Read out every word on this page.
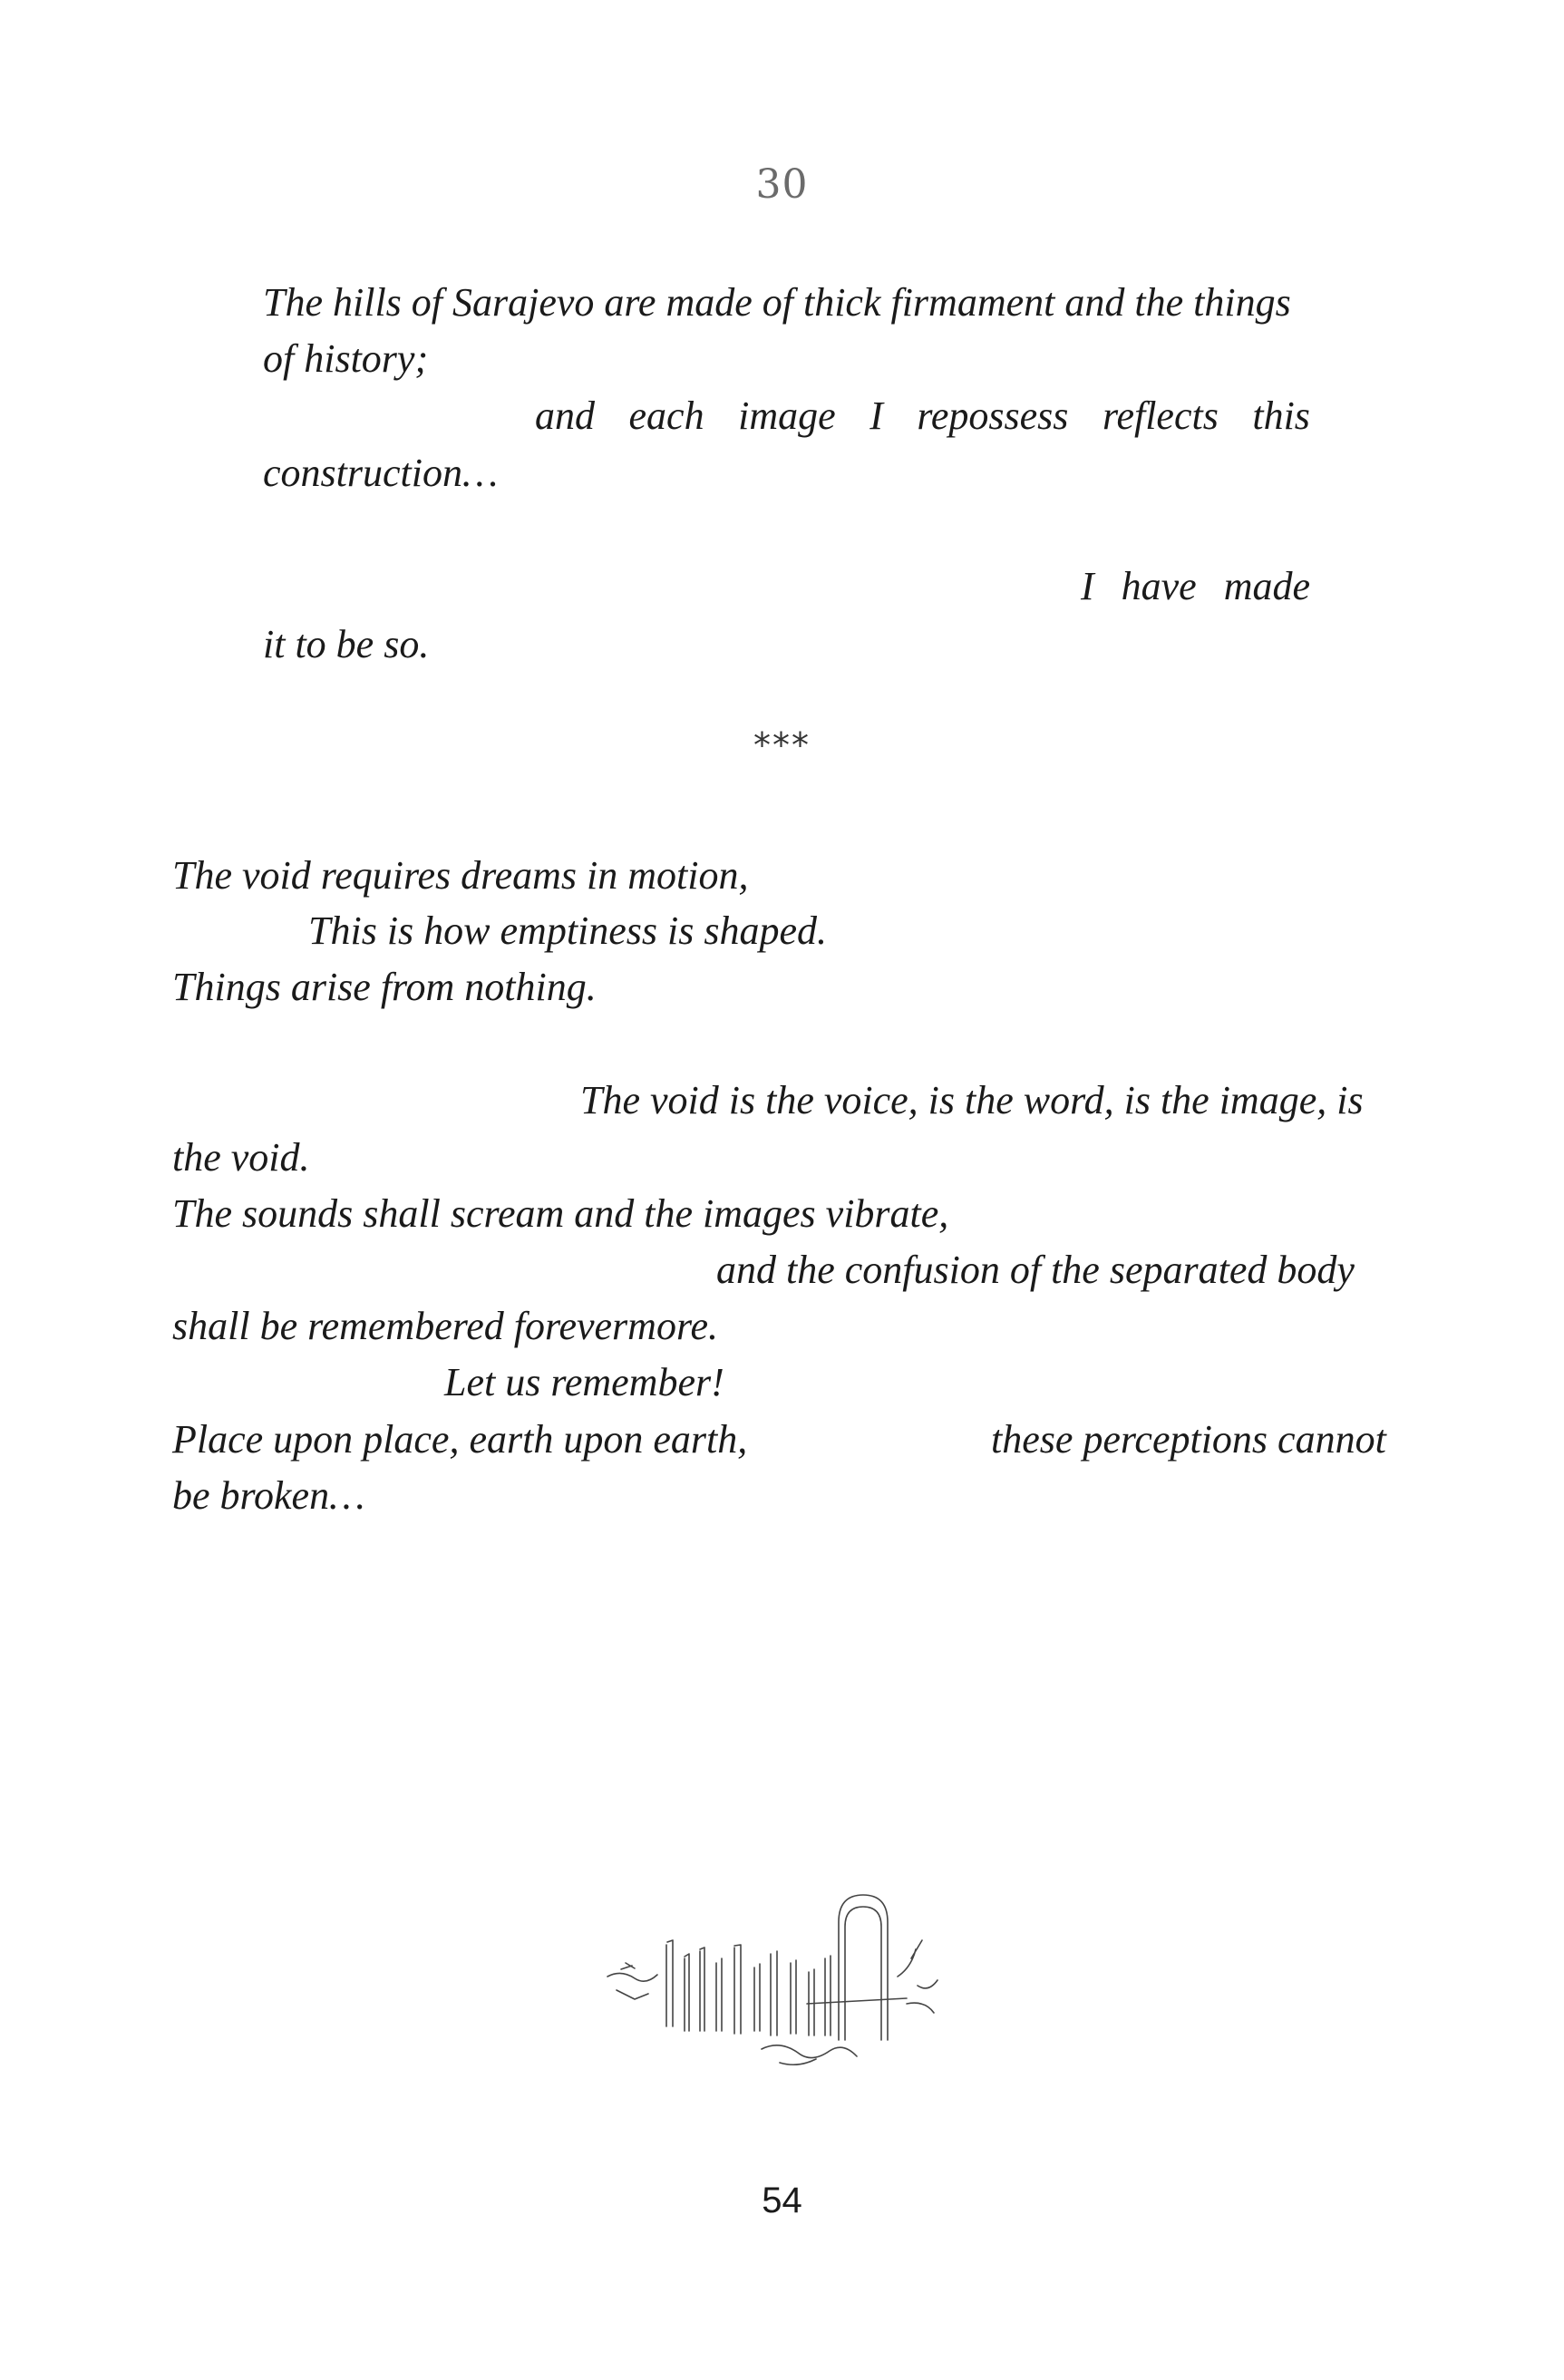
30
The hills of Sarajevo are made of thick firmament and the things
of history;
and each image I repossess reflects this
construction…
I have made
it to be so.
***
The void requires dreams in motion,
This is how emptiness is shaped.
Things arise from nothing.
The void is the voice, is the word, is the image, is
the void.
The sounds shall scream and the images vibrate,
and the confusion of the separated body
shall be remembered forevermore.
Let us remember!
Place upon place, earth upon earth,	these perceptions cannot
be broken…
54
